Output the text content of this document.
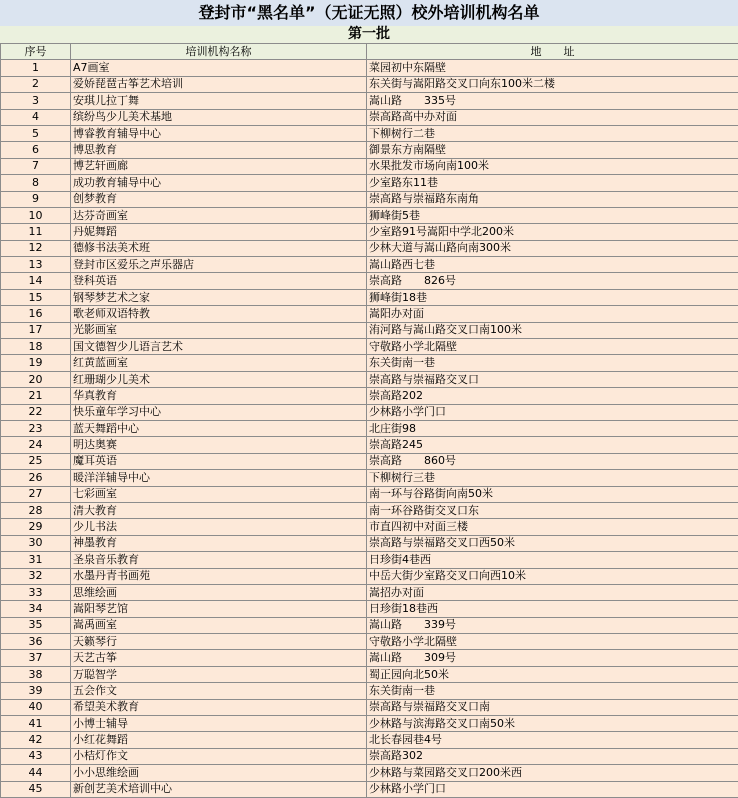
登封市“黑名单”（无证无照）校外培训机构名单
第一批
序号	培训机构名称	地　　址
1	A7画室	菜园初中东隔壁
2	爱娇琵琶古筝艺术培训	东关街与嵩阳路交叉口向东100米二楼
3	安琪儿拉丁舞	嵩山路　　335号
4	缤纷鸟少儿美术基地	崇高路高中办对面
5	博睿教育辅导中心	下柳树行二巷
6	博思教育	御景东方南隔壁
7	博艺轩画廊	水果批发市场向南100米
8	成功教育辅导中心	少室路东11巷
9	创梦教育	崇高路与崇福路东南角
10	达芬奇画室	狮峰街5巷
11	丹妮舞蹈	少室路91号嵩阳中学北200米
12	德修书法美术班	少林大道与嵩山路向南300米
13	登封市区爱乐之声乐器店	嵩山路西七巷
14	登科英语	崇高路　　826号
15	钢琴梦艺术之家	狮峰街18巷
16	歌老师双语特教	嵩阳办对面
17	光影画室	洧河路与嵩山路交叉口南100米
18	国文德智少儿语言艺术	守敬路小学北隔壁
19	红黄蓝画室	东关街南一巷
20	红珊瑚少儿美术	崇高路与崇福路交叉口
21	华真教育	崇高路202
22	快乐童年学习中心	少林路小学门口
23	蓝天舞蹈中心	北庄街98
24	明达奥赛	崇高路245
25	魔耳英语	崇高路　　860号
26	暖洋洋辅导中心	下柳树行三巷
27	七彩画室	南一环与谷路街向南50米
28	清大教育	南一环谷路街交叉口东
29	少儿书法	市直四初中对面三楼
30	神墨教育	崇高路与崇福路交叉口西50米
31	圣泉音乐教育	日珍街4巷西
32	水墨丹青书画苑	中岳大街少室路交叉口向西10米
33	思维绘画	嵩招办对面
34	嵩阳琴艺馆	日珍街18巷西
35	嵩禹画室	嵩山路　　339号
36	天籁琴行	守敬路小学北隔壁
37	天艺古筝	嵩山路　　309号
38	万聪智学	蜀正园向北50米
39	五会作文	东关街南一巷
40	希望美术教育	崇高路与崇福路交叉口南
41	小博士辅导	少林路与滨海路交叉口南50米
42	小红花舞蹈	北长春园巷4号
43	小桔灯作文	崇高路302
44	小小思维绘画	少林路与菜园路交叉口200米西
45	新创艺美术培训中心	少林路小学门口
